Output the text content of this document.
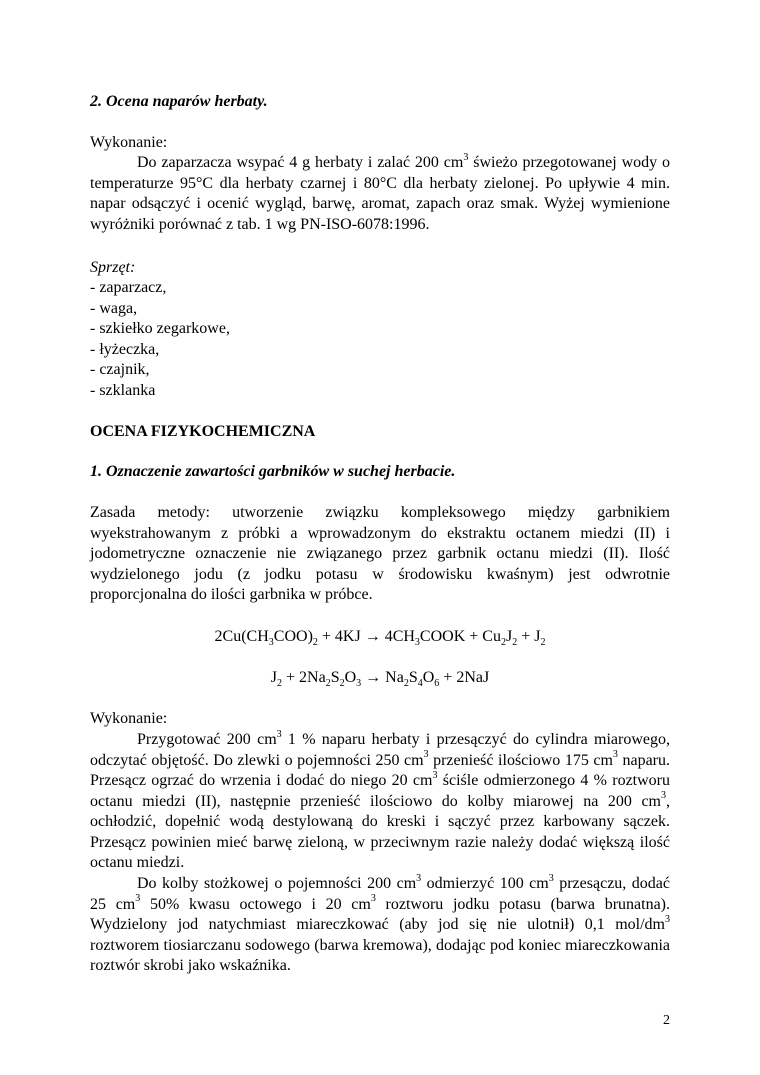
2. Ocena naparów herbaty.
Wykonanie:
Do zaparzacza wsypać 4 g herbaty i zalać 200 $cm^3$ świeżo przegotowanej wody o temperaturze 95°C dla herbaty czarnej i 80°C dla herbaty zielonej. Po upływie 4 min. napar odsączyć i ocenić wygląd, barwę, aromat, zapach oraz smak. Wyżej wymienione wyróżniki porównać z tab. 1 wg PN-ISO-6078:1996.
Sprzęt:
- zaparzacz,
- waga,
- szkiełko zegarkowe,
- łyżeczka,
- czajnik,
- szklanka
OCENA FIZYKOCHEMICZNA
1. Oznaczenie zawartości garbników w suchej herbacie.
Zasada metody: utworzenie związku kompleksowego między garbnikiem wyekstrahowanym z próbki a wprowadzonym do ekstraktu octanem miedzi (II) i jodometryczne oznaczenie nie związanego przez garbnik octanu miedzi (II). Ilość wydzielonego jodu (z jodku potasu w środowisku kwaśnym) jest odwrotnie proporcjonalna do ilości garbnika w próbce.
$2Cu(CH_3COO)_2 + 4KJ$ → $4CH_3COOK + Cu_2J_2 + J_2$
$J_2 + 2Na_2S_2O_3 \to Na_2S_4O_6 + 2NaJ$
Wykonanie:
Przygotować 200 $cm^3$ 1 % naparu herbaty i przesączyć do cylindra miarowego, odczytać objętość. Do zlewki o pojemności 250 $cm^3$ przenieść ilościowo 175 $cm^3$ naparu. Przesącz ogrzać do wrzenia i dodać do niego 20 $cm^3$ ściśle odmierzonego 4 % roztworu octanu miedzi (II), następnie przenieść ilościowo do kolby miarowej na 200 $cm^3$, ochłodzić, dopełnić wodą destylowaną do kreski i sączyć przez karbowany sączek. Przesącz powinien mieć barwę zieloną, w przeciwnym razie należy dodać większą ilość octanu miedzi.
Do kolby stożkowej o pojemności 200 $cm^3$ odmierzyć 100 $cm^3$ przesączu, dodać 25 $cm^3$ 50% kwasu octowego i 20 $cm^3$ roztworu jodku potasu (barwa brunatna). Wydzielony jod natychmiast miareczkować (aby jod się nie ulotnił) 0,1 mol/$dm^3$ roztworem tiosiarczanu sodowego (barwa kremowa), dodając pod koniec miareczkowania roztwór skrobi jako wskaźnika.
2
